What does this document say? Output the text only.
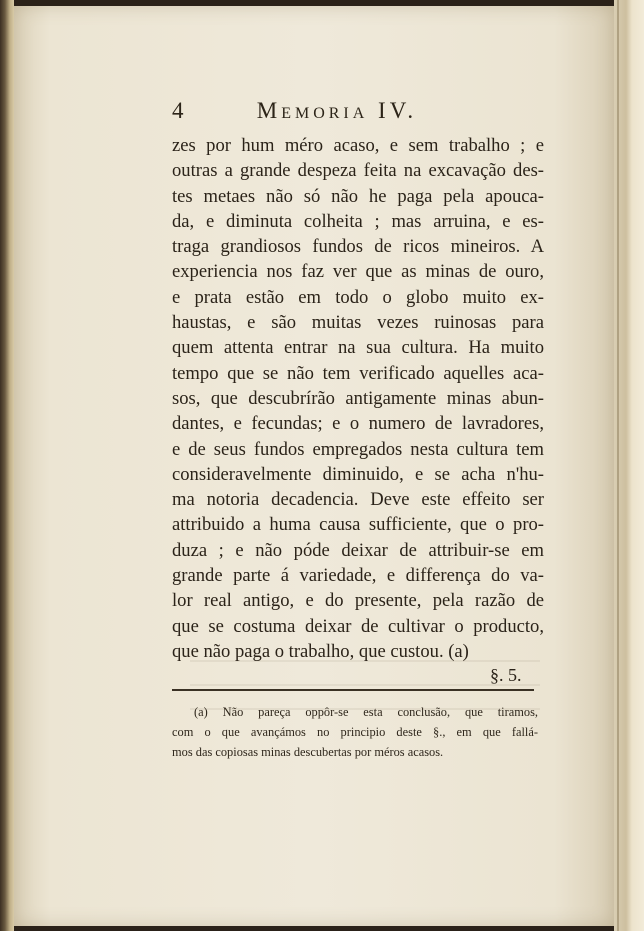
4	Memoria IV.
zes por hum méro acaso, e sem trabalho ; e
outras a grande despeza feita na excavação des-
tes metaes não só não he paga pela apouca-
da, e diminuta colheita ; mas arruina, e es-
traga grandiosos fundos de ricos mineiros. A
experiencia nos faz ver que as minas de ouro,
e prata estão em todo o globo muito ex-
haustas, e são muitas vezes ruinosas para
quem attenta entrar na sua cultura. Ha muito
tempo que se não tem verificado aquelles aca-
sos, que descubrírão antigamente minas abun-
dantes, e fecundas; e o numero de lavradores,
e de seus fundos empregados nesta cultura tem
consideravelmente diminuido, e se acha n'hu-
ma notoria decadencia. Deve este effeito ser
attribuido a huma causa sufficiente, que o pro-
duza ; e não póde deixar de attribuir-se em
grande parte á variedade, e differença do va-
lor real antigo, e do presente, pela razão de
que se costuma deixar de cultivar o producto,
que não paga o trabalho, que custou. (a)
§. 5.
(a) Não pareça oppôr-se esta conclusão, que tiramos,
com o que avançámos no principio deste §., em que fallá-
mos das copiosas minas descubertas por méros acasos.
